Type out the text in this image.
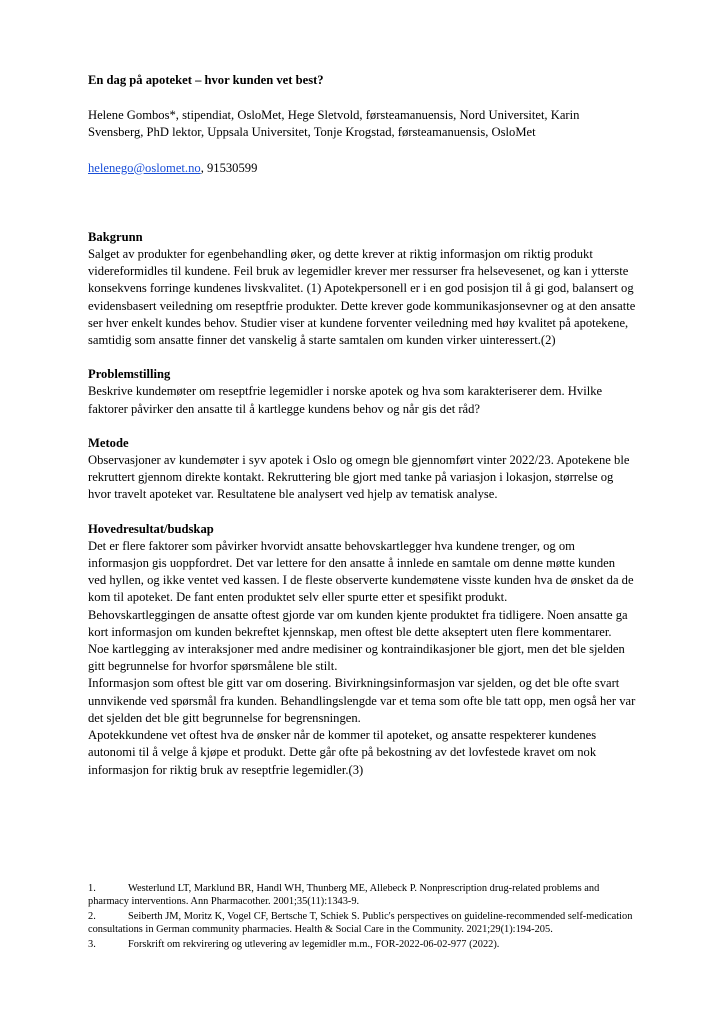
En dag på apoteket – hvor kunden vet best?

Helene Gombos*, stipendiat, OsloMet, Hege Sletvold, førsteamanuensis, Nord Universitet, Karin Svensberg, PhD lektor, Uppsala Universitet, Tonje Krogstad, førsteamanuensis, OsloMet

helenego@oslomet.no, 91530599

Bakgrunn

Salget av produkter for egenbehandling øker, og dette krever at riktig informasjon om riktig produkt videreformidles til kundene. Feil bruk av legemidler krever mer ressurser fra helsevesenet, og kan i ytterste konsekvens forringe kundenes livskvalitet. (1) Apotekpersonell er i en god posisjon til å gi god, balansert og evidensbasert veiledning om reseptfrie produkter. Dette krever gode kommunikasjonsevner og at den ansatte ser hver enkelt kundes behov. Studier viser at kundene forventer veiledning med høy kvalitet på apotekene, samtidig som ansatte finner det vanskelig å starte samtalen om kunden virker uinteressert.(2)

Problemstilling

Beskrive kundemøter om reseptfrie legemidler i norske apotek og hva som karakteriserer dem. Hvilke faktorer påvirker den ansatte til å kartlegge kundens behov og når gis det råd?

Metode

Observasjoner av kundemøter i syv apotek i Oslo og omegn ble gjennomført vinter 2022/23. Apotekene ble rekruttert gjennom direkte kontakt. Rekruttering ble gjort med tanke på variasjon i lokasjon, størrelse og hvor travelt apoteket var. Resultatene ble analysert ved hjelp av tematisk analyse.

Hovedresultat/budskap

Det er flere faktorer som påvirker hvorvidt ansatte behovskartlegger hva kundene trenger, og om informasjon gis uoppfordret. Det var lettere for den ansatte å innlede en samtale om denne møtte kunden ved hyllen, og ikke ventet ved kassen. I de fleste observerte kundemøtene visste kunden hva de ønsket da de kom til apoteket. De fant enten produktet selv eller spurte etter et spesifikt produkt.

Behovskartleggingen de ansatte oftest gjorde var om kunden kjente produktet fra tidligere. Noen ansatte ga kort informasjon om kunden bekreftet kjennskap, men oftest ble dette akseptert uten flere kommentarer.

Noe kartlegging av interaksjoner med andre medisiner og kontraindikasjoner ble gjort, men det ble sjelden gitt begrunnelse for hvorfor spørsmålene ble stilt.

Informasjon som oftest ble gitt var om dosering. Bivirkningsinformasjon var sjelden, og det ble ofte svart unnvikende ved spørsmål fra kunden. Behandlingslengde var et tema som ofte ble tatt opp, men også her var det sjelden det ble gitt begrunnelse for begrensningen.

Apotekkundene vet oftest hva de ønsker når de kommer til apoteket, og ansatte respekterer kundenes autonomi til å velge å kjøpe et produkt. Dette går ofte på bekostning av det lovfestede kravet om nok informasjon for riktig bruk av reseptfrie legemidler.(3)

1.	Westerlund LT, Marklund BR, Handl WH, Thunberg ME, Allebeck P. Nonprescription drug-related problems and pharmacy interventions. Ann Pharmacother. 2001;35(11):1343-9.

2.	Seiberth JM, Moritz K, Vogel CF, Bertsche T, Schiek S. Public's perspectives on guideline-recommended self-medication consultations in German community pharmacies. Health & Social Care in the Community. 2021;29(1):194-205.

3.	Forskrift om rekvirering og utlevering av legemidler m.m., FOR-2022-06-02-977 (2022).
